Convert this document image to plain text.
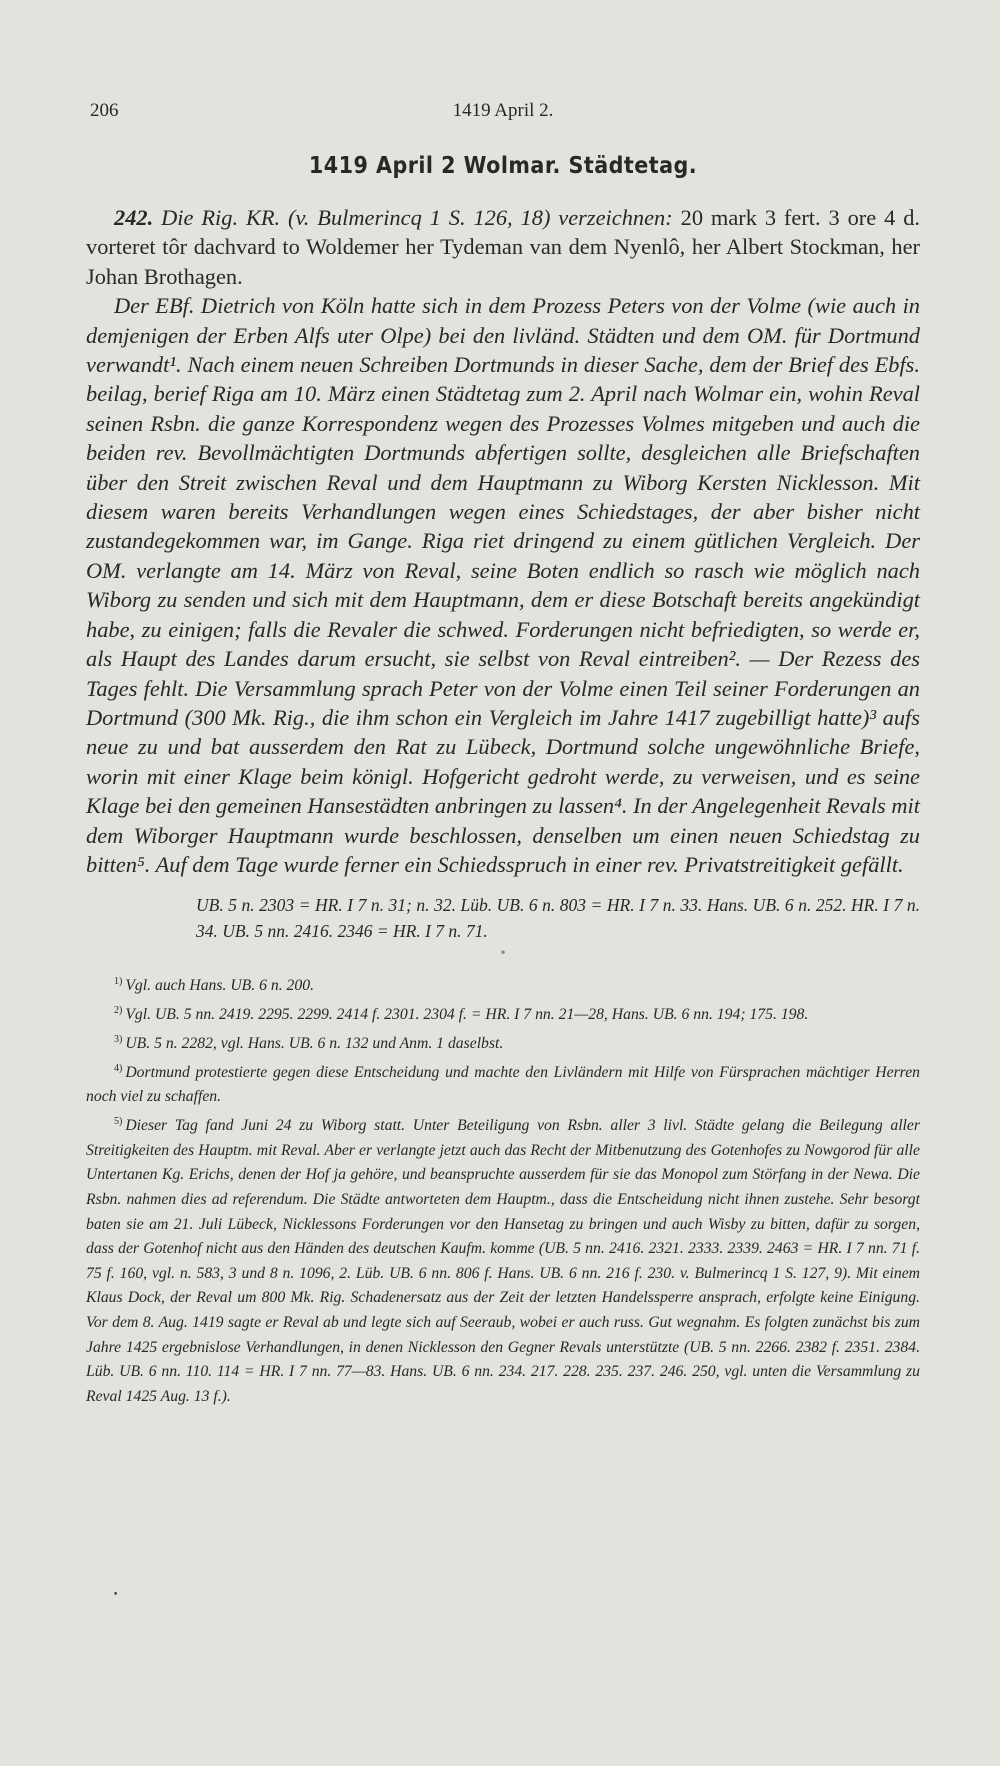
206	1419 April 2.
1419 April 2 Wolmar. Städtetag.

242. Die Rig. KR. (v. Bulmerincq 1 S. 126, 18) verzeichnen: 20 mark 3 fert. 3 ore 4 d. vorteret tôr dachvard to Woldemer her Tydeman van dem Nyenlô, her Albert Stockman, her Johan Brothagen.

Der EBf. Dietrich von Köln hatte sich in dem Prozess Peters von der Volme (wie auch in demjenigen der Erben Alfs uter Olpe) bei den livländ. Städten und dem OM. für Dortmund verwandt¹. Nach einem neuen Schreiben Dortmunds in dieser Sache, dem der Brief des Ebfs. beilag, berief Riga am 10. März einen Städtetag zum 2. April nach Wolmar ein, wohin Reval seinen Rsbn. die ganze Korrespondenz wegen des Prozesses Volmes mitgeben und auch die beiden rev. Bevollmächtigten Dortmunds abfertigen sollte, desgleichen alle Briefschaften über den Streit zwischen Reval und dem Hauptmann zu Wiborg Kersten Nicklesson. Mit diesem waren bereits Verhandlungen wegen eines Schiedstages, der aber bisher nicht zustandegekommen war, im Gange. Riga riet dringend zu einem gütlichen Vergleich. Der OM. verlangte am 14. März von Reval, seine Boten endlich so rasch wie möglich nach Wiborg zu senden und sich mit dem Hauptmann, dem er diese Botschaft bereits angekündigt habe, zu einigen; falls die Revaler die schwed. Forderungen nicht befriedigten, so werde er, als Haupt des Landes darum ersucht, sie selbst von Reval eintreiben². — Der Rezess des Tages fehlt. Die Versammlung sprach Peter von der Volme einen Teil seiner Forderungen an Dortmund (300 Mk. Rig., die ihm schon ein Vergleich im Jahre 1417 zugebilligt hatte)³ aufs neue zu und bat ausserdem den Rat zu Lübeck, Dortmund solche ungewöhnliche Briefe, worin mit einer Klage beim königl. Hofgericht gedroht werde, zu verweisen, und es seine Klage bei den gemeinen Hansestädten anbringen zu lassen⁴. In der Angelegenheit Revals mit dem Wiborger Hauptmann wurde beschlossen, denselben um einen neuen Schiedstag zu bitten⁵. Auf dem Tage wurde ferner ein Schiedsspruch in einer rev. Privatstreitigkeit gefällt.

UB. 5 n. 2303 = HR. I 7 n. 31; n. 32. Lüb. UB. 6 n. 803 = HR. I 7 n. 33. Hans. UB. 6 n. 252. HR. I 7 n. 34. UB. 5 nn. 2416. 2346 = HR. I 7 n. 71.

•

$^{1)}$ Vgl. auch Hans. UB. 6 n. 200.

$^{2)}$ Vgl. UB. 5 nn. 2419. 2295. 2299. 2414 f. 2301. 2304 f. = HR. I 7 nn. 21—28, Hans. UB. 6 nn. 194; 175. 198.

$^{3)}$ UB. 5 n. 2282, vgl. Hans. UB. 6 n. 132 und Anm. 1 daselbst.

$^{4)}$ Dortmund protestierte gegen diese Entscheidung und machte den Livländern mit Hilfe von Fürsprachen mächtiger Herren noch viel zu schaffen.

$^{5)}$ Dieser Tag fand Juni 24 zu Wiborg statt. Unter Beteiligung von Rsbn. aller 3 livl. Städte gelang die Beilegung aller Streitigkeiten des Hauptm. mit Reval. Aber er verlangte jetzt auch das Recht der Mitbenutzung des Gotenhofes zu Nowgorod für alle Untertanen Kg. Erichs, denen der Hof ja gehöre, und beanspruchte ausserdem für sie das Monopol zum Störfang in der Newa. Die Rsbn. nahmen dies ad referendum. Die Städte antworteten dem Hauptm., dass die Entscheidung nicht ihnen zustehe. Sehr besorgt baten sie am 21. Juli Lübeck, Nicklessons Forderungen vor den Hansetag zu bringen und auch Wisby zu bitten, dafür zu sorgen, dass der Gotenhof nicht aus den Händen des deutschen Kaufm. komme (UB. 5 nn. 2416. 2321. 2333. 2339. 2463 = HR. I 7 nn. 71 f. 75 f. 160, vgl. n. 583, 3 und 8 n. 1096, 2. Lüb. UB. 6 nn. 806 f. Hans. UB. 6 nn. 216 f. 230. v. Bulmerincq 1 S. 127, 9). Mit einem Klaus Dock, der Reval um 800 Mk. Rig. Schadenersatz aus der Zeit der letzten Handelssperre ansprach, erfolgte keine Einigung. Vor dem 8. Aug. 1419 sagte er Reval ab und legte sich auf Seeraub, wobei er auch russ. Gut wegnahm. Es folgten zunächst bis zum Jahre 1425 ergebnislose Verhandlungen, in denen Nicklesson den Gegner Revals unterstützte (UB. 5 nn. 2266. 2382 f. 2351. 2384. Lüb. UB. 6 nn. 110. 114 = HR. I 7 nn. 77—83. Hans. UB. 6 nn. 234. 217. 228. 235. 237. 246. 250, vgl. unten die Versammlung zu Reval 1425 Aug. 13 f.).

•
